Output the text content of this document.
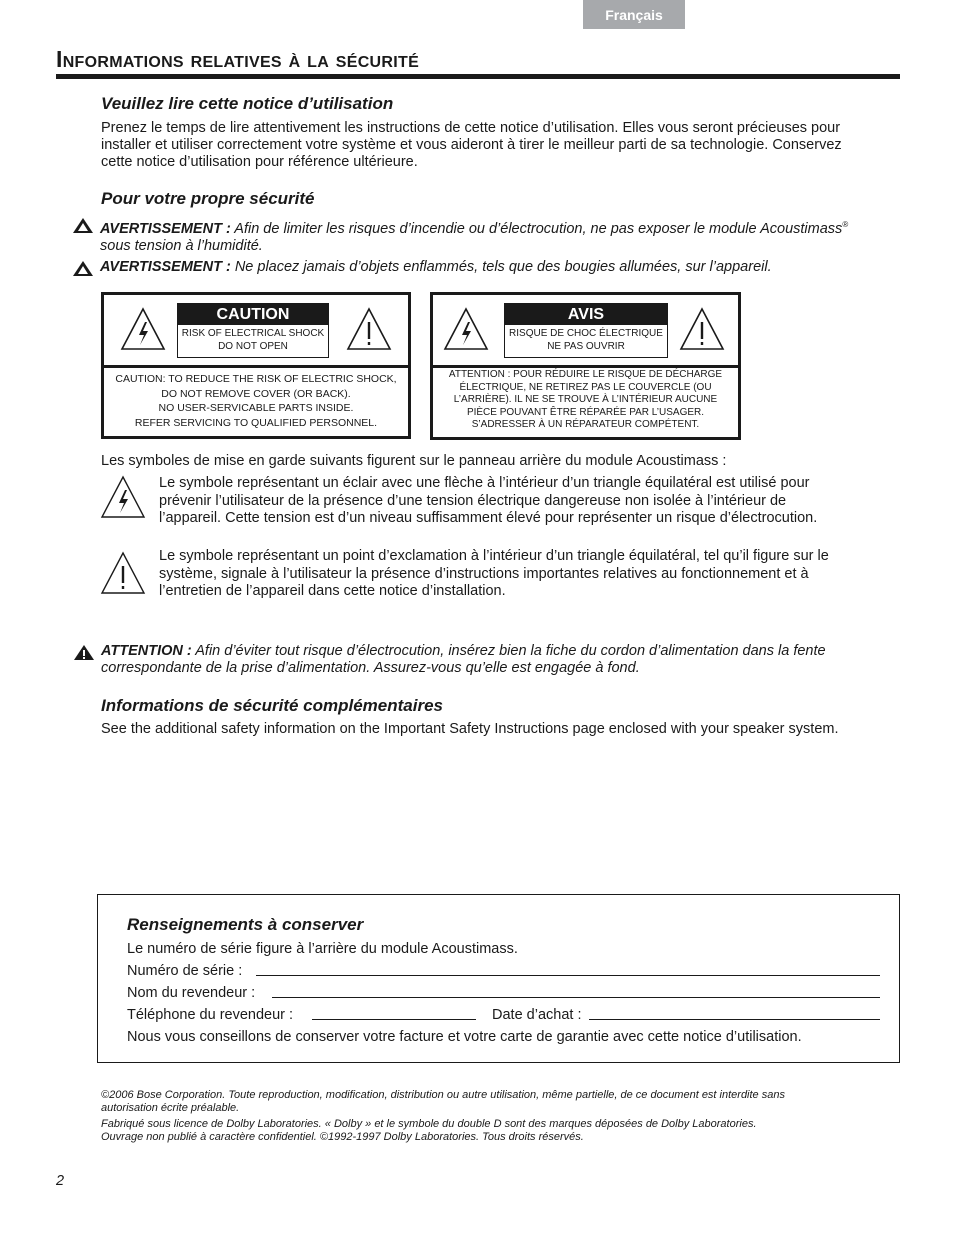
Français
Informations relatives à la sécurité
Veuillez lire cette notice d’utilisation

Prenez le temps de lire attentivement les instructions de cette notice d’utilisation. Elles vous seront précieuses pour
installer et utiliser correctement votre système et vous aideront à tirer le meilleur parti de sa technologie. Conservez
cette notice d’utilisation pour référence ultérieure.

Pour votre propre sécurité
AVERTISSEMENT : Afin de limiter les risques d’incendie ou d’électrocution, ne pas exposer le module Acoustimass®
sous tension à l’humidité.
AVERTISSEMENT : Ne placez jamais d’objets enflammés, tels que des bougies allumées, sur l’appareil.
CAUTION
RISK OF ELECTRICAL SHOCK
DO NOT OPEN
CAUTION: TO REDUCE THE RISK OF ELECTRIC SHOCK,
DO NOT REMOVE COVER (OR BACK).
NO USER-SERVICABLE PARTS INSIDE.
REFER SERVICING TO QUALIFIED PERSONNEL.
AVIS
RISQUE DE CHOC ÉLECTRIQUE
NE PAS OUVRIR
ATTENTION : POUR RÉDUIRE LE RISQUE DE DÉCHARGE
ÉLECTRIQUE, NE RETIREZ PAS LE COUVERCLE (OU
L’ARRIÈRE). IL NE SE TROUVE À L’INTÉRIEUR AUCUNE
PIÈCE POUVANT ÊTRE RÉPARÉE PAR L’USAGER.
S’ADRESSER À UN RÉPARATEUR COMPÉTENT.

Les symboles de mise en garde suivants figurent sur le panneau arrière du module Acoustimass :

Le symbole représentant un éclair avec une flèche à l’intérieur d’un triangle équilatéral est utilisé pour
prévenir l’utilisateur de la présence d’une tension électrique dangereuse non isolée à l’intérieur de
l’appareil. Cette tension est d’un niveau suffisamment élevé pour représenter un risque d’électrocution.

Le symbole représentant un point d’exclamation à l’intérieur d’un triangle équilatéral, tel qu’il figure sur le
système, signale à l’utilisateur la présence d’instructions importantes relatives au fonctionnement et à
l’entretien de l’appareil dans cette notice d’installation.

ATTENTION : Afin d’éviter tout risque d’électrocution, insérez bien la fiche du cordon d’alimentation dans la fente
correspondante de la prise d’alimentation. Assurez-vous qu’elle est engagée à fond.
Informations de sécurité complémentaires

See the additional safety information on the Important Safety Instructions page enclosed with your speaker system.

Renseignements à conserver
Le numéro de série figure à l’arrière du module Acoustimass.
Numéro de série :
Nom du revendeur :
Téléphone du revendeur :	Date d’achat :
Nous vous conseillons de conserver votre facture et votre carte de garantie avec cette notice d’utilisation.

©2006 Bose Corporation. Toute reproduction, modification, distribution ou autre utilisation, même partielle, de ce document est interdite sans
autorisation écrite préalable.

Fabriqué sous licence de Dolby Laboratories. « Dolby » et le symbole du double D sont des marques déposées de Dolby Laboratories.
Ouvrage non publié à caractère confidentiel. ©1992-1997 Dolby Laboratories. Tous droits réservés.

2
